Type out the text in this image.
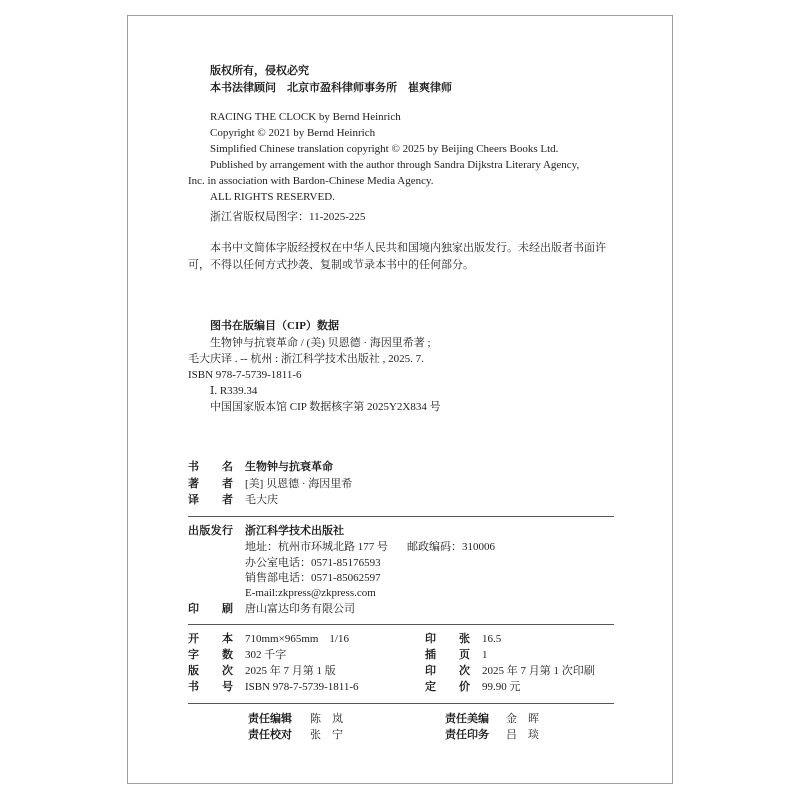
版权所有，侵权必究
本书法律顾问　北京市盈科律师事务所　崔爽律师
RACING THE CLOCK by Bernd Heinrich
Copyright © 2021 by Bernd Heinrich
Simplified Chinese translation copyright © 2025 by Beijing Cheers Books Ltd.
Published by arrangement with the author through Sandra Dijkstra Literary Agency,
Inc. in association with Bardon-Chinese Media Agency.
ALL RIGHTS RESERVED.
浙江省版权局图字：11-2025-225
本书中文简体字版经授权在中华人民共和国境内独家出版发行。未经出版者书面许
可，不得以任何方式抄袭、复制或节录本书中的任何部分。
图书在版编目（CIP）数据
生物钟与抗衰革命 / (美) 贝恩德 · 海因里希著 ;
毛大庆译 . -- 杭州 : 浙江科学技术出版社 , 2025. 7.
ISBN 978-7-5739-1811-6
Ⅰ. R339.34
中国国家版本馆 CIP 数据核字第 2025Y2X834 号
书　　名 生物钟与抗衰革命
著　　者 [美] 贝恩德 · 海因里希
译　　者 毛大庆
出版发行 浙江科学技术出版社
地址：杭州市环城北路 177 号 邮政编码：310006
办公室电话：0571-85176593
销售部电话：0571-85062597
E-mail:zkpress@zkpress.com
印　　刷 唐山富达印务有限公司
开　　本 710mm×965mm　1/16	印　　张 16.5
字　　数 302 千字	插　　页 1
版　　次 2025 年 7 月第 1 版	印　　次 2025 年 7 月第 1 次印刷
书　　号 ISBN 978-7-5739-1811-6	定　　价 99.90 元
责任编辑 陈　岚	责任美编 金　晖
责任校对 张　宁	责任印务 吕　琰
